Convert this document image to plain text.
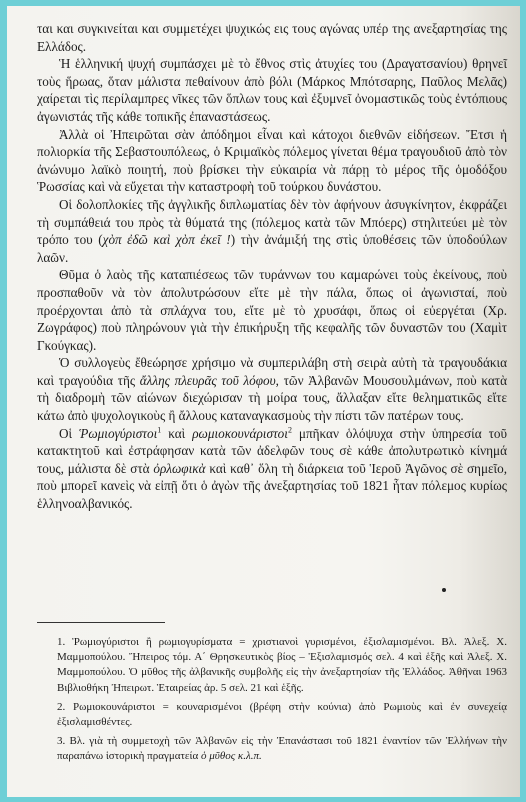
ται και συγκινείται και συμμετέχει ψυχικώς εις τους αγώνας υπέρ της ανεξαρτησίας της Ελλάδος.

Ἡ ἑλληνική ψυχή συμπάσχει μὲ τὸ ἔθνος στὶς ἀτυχίες του (Δραγατσανίου) θρηνεῖ τοὺς ἥρωας, ὅταν μάλιστα πεθαίνουν ἀπὸ βόλι (Μάρκος Μπότσαρης, Παῦλος Μελᾶς) χαίρεται τὶς περίλαμπρες νῖκες τῶν ὅπλων τους καὶ ἐξυμνεῖ ὀνομαστικῶς τοὺς ἐντόπιους ἀγωνιστάς τῆς κάθε τοπικῆς ἐπαναστάσεως.

Ἀλλὰ οἱ Ἠπειρῶται σὰν ἀπόδημοι εἶναι καὶ κάτοχοι διεθνῶν εἰδήσεων. Ἔτσι ἡ πολιορκία τῆς Σεβαστουπόλεως, ὁ Κριμαϊκὸς πόλεμος γίνεται θέμα τραγουδιοῦ ἀπὸ τὸν ἀνώνυμο λαϊκὸ ποιητή, ποὺ βρίσκει τὴν εὐκαιρία νὰ πάρῃ τὸ μέρος τῆς ὁμοδόξου Ῥωσσίας καὶ νὰ εὔχεται τὴν καταστροφὴ τοῦ τούρκου δυνάστου.

Οἱ δολοπλοκίες τῆς ἀγγλικῆς διπλωματίας δὲν τὸν ἀφήνουν ἀσυγκίνητον, ἐκφράζει τὴ συμπάθειά του πρὸς τὰ θύματά της (πόλεμος κατὰ τῶν Μπόερς) στηλιτεύει μὲ τὸν τρόπο του (χὸπ ἐδῶ καὶ χὸπ ἐκεῖ !) τὴν ἀνάμιξή της στὶς ὑποθέσεις τῶν ὑποδούλων λαῶν.

Θῦμα ὁ λαὸς τῆς καταπιέσεως τῶν τυράννων του καμαρώνει τοὺς ἐκείνους, ποὺ προσπαθοῦν νὰ τὸν ἀπολυτρώσουν εἴτε μὲ τὴν πάλα, ὅπως οἱ ἀγωνισταί, ποὺ προέρχονται ἀπὸ τὰ σπλάχνα του, εἴτε μὲ τὸ χρυσάφι, ὅπως οἱ εὐεργέται (Χρ. Ζωγράφος) ποὺ πληρώνουν γιὰ τὴν ἐπικήρυξη τῆς κεφαλῆς τῶν δυναστῶν του (Χαμὶτ Γκούγκας).

Ὁ συλλογεὺς ἔθεώρησε χρήσιμο νὰ συμπεριλάβη στὴ σειρὰ αὐτὴ τὰ τραγουδάκια καὶ τραγούδια τῆς ἄλλης πλευρᾶς τοῦ λόφου, τῶν Ἀλβανῶν Μουσουλμάνων, ποὺ κατὰ τὴ διαδρομὴ τῶν αἰώνων διεχώρισαν τὴ μοίρα τους, ἄλλαξαν εἴτε θεληματικῶς εἴτε κάτω ἀπὸ ψυχολογικοὺς ἢ ἄλλους καταναγκασμοὺς τὴν πίστι τῶν πατέρων τους.

Οἱ Ῥωμιογύριστοι$^1$ καὶ ρωμιοκουνάριστοι$^2$ μπῆκαν ὁλόψυχα στὴν ὑπηρεσία τοῦ κατακτητοῦ καὶ ἐστράφησαν κατὰ τῶν ἀδελφῶν τους σὲ κάθε ἀπολυτρωτικὸ κίνημά τους, μάλιστα δὲ στὰ ὀρλωφικὰ καὶ καθ᾿ ὅλη τὴ διάρκεια τοῦ Ἱεροῦ Ἀγῶνος σὲ σημεῖο, ποὺ μπορεῖ κανεὶς νὰ εἰπῇ ὅτι ὁ ἀγὼν τῆς ἀνεξαρτησίας τοῦ 1821 ἦταν πόλεμος κυρίως ἑλληνοαλβανικός.

1. Ῥωμιογύριστοι ἢ ρωμιογυρίσματα = χριστιανοὶ γυρισμένοι, ἐξισλαμισμένοι. Βλ. Ἀλεξ. Χ. Μαμμοπούλου. Ἤπειρος τόμ. Α΄ Θρησκευτικὸς βίος – Ἐξισλαμισμός σελ. 4 καὶ ἑξῆς καὶ Ἀλεξ. Χ. Μαμμοπούλου. Ὁ μῦθος τῆς ἀλβανικῆς συμβολῆς εἰς τὴν ἀνεξαρτησίαν τῆς Ἑλλάδος. Ἀθῆναι 1963 Βιβλιοθήκη Ἠπειρωτ. Ἑταιρείας ἀρ. 5 σελ. 21 καὶ ἑξῆς.

2. Ρωμιοκουνάριστοι = κουναρισμένοι (βρέφη στὴν κούνια) ἀπὸ Ρωμιοὺς καὶ ἐν συνεχείᾳ ἐξισλαμισθέντες.

3. Βλ. γιὰ τὴ συμμετοχὴ τῶν Ἀλβανῶν εἰς τὴν Ἐπανάστασι τοῦ 1821 ἐναντίον τῶν Ἑλλήνων τὴν παραπάνω ἱστορικὴ πραγματεία ὁ μῦθος κ.λ.π.
